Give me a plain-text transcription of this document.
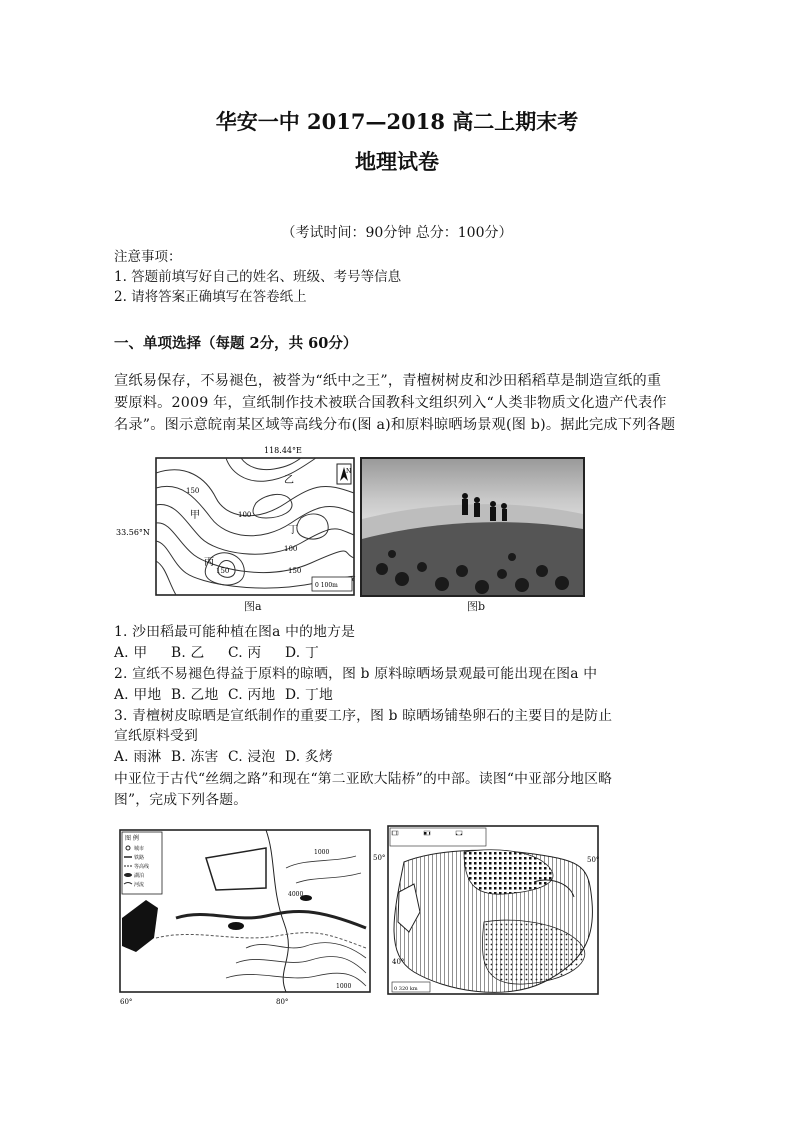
华安一中 2017—2018 高二上期末考
地理试卷
（考试时间：90分钟 总分：100分）
注意事项：
1. 答题前填写好自己的姓名、班级、考号等信息
2. 请将答案正确填写在答卷纸上
一、单项选择（每题 2分，共 60分）
宣纸易保存，不易褪色，被誉为“纸中之王”，青檀树树皮和沙田稻稻草是制造宣纸的重
要原料。2009 年，宣纸制作技术被联合国教科文组织列入“人类非物质文化遗产代表作
名录”。图示意皖南某区域等高线分布(图 a)和原料晾晒场景观(图 b)。据此完成下列各题
118.44°E
33.56°N
甲
乙
丙
丁
150
100
150
100
150
N
0 100m
图a	图b
1. 沙田稻最可能种植在图a 中的地方是
A. 甲 B. 乙 C. 丙 D. 丁
2. 宣纸不易褪色得益于原料的晾晒，图 b 原料晾晒场景观最可能出现在图a 中
A. 甲地 B. 乙地 C. 丙地 D. 丁地
3. 青檀树皮晾晒是宣纸制作的重要工序，图 b 晾晒场铺垫卵石的主要目的是防止
宣纸原料受到
A. 雨淋 B. 冻害 C. 浸泡 D. 炙烤
中亚位于古代“丝绸之路”和现在“第二亚欧大陆桥”的中部。读图“中亚部分地区略
图”，完成下列各题。
图 例
城市
铁路
等高线
湖泊
河流
1000
4000
1000
50°
60°	80°
50°
40°
0 320 km
